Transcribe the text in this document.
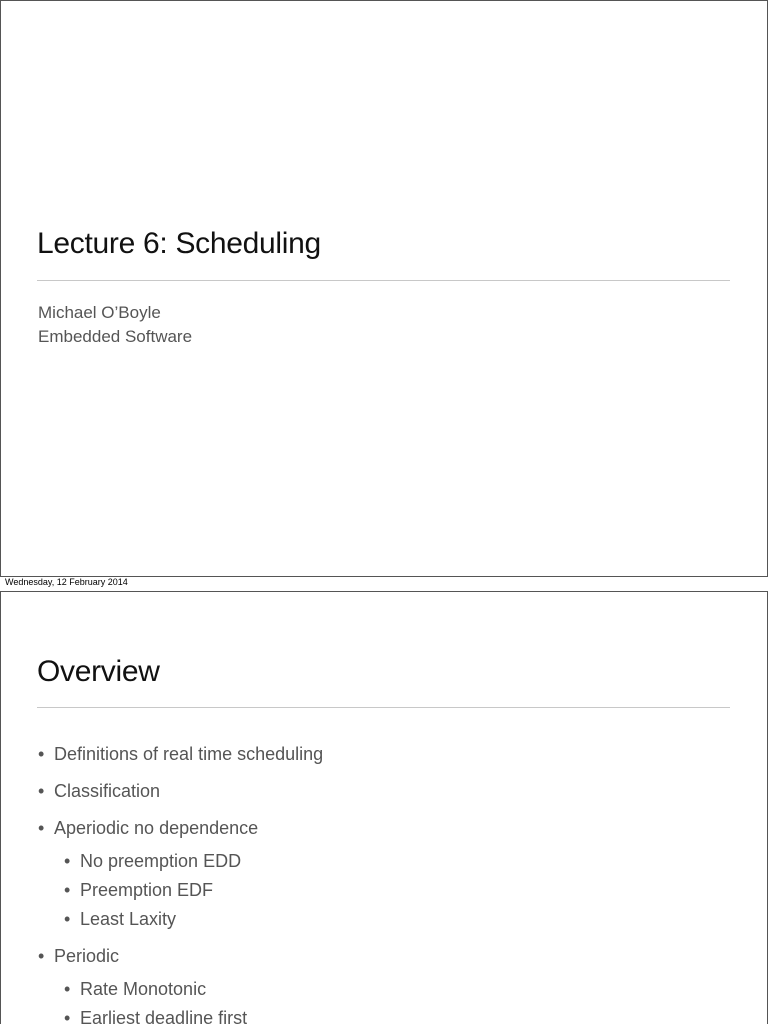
Lecture 6: Scheduling
Michael O’Boyle
Embedded Software
Wednesday, 12 February 2014
Overview
• Definitions of real time scheduling
• Classification
• Aperiodic no dependence
• No preemption EDD
• Preemption EDF
• Least Laxity
• Periodic
• Rate Monotonic
• Earliest deadline first
